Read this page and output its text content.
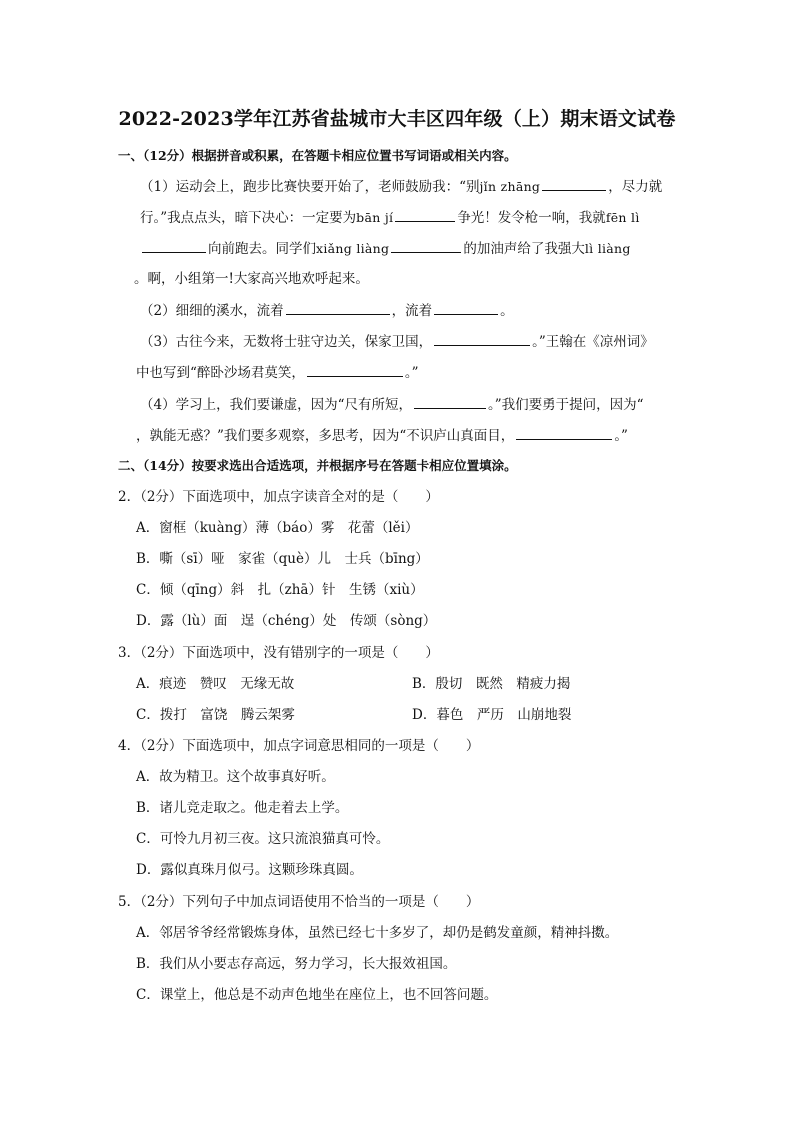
2022-2023学年江苏省盐城市大丰区四年级（上）期末语文试卷
一、（12分）根据拼音或积累，在答题卡相应位置书写词语或相关内容。
（1）运动会上，跑步比赛快要开始了，老师鼓励我：“别jǐn zhāng	，尽力就
行。”我点点头，暗下决心：一定要为bān jí	争光！发令枪一响，我就fēn lì
向前跑去。同学们xiǎng liàng	的加油声给了我强大lì liàng
。啊，小组第一!大家高兴地欢呼起来。
（2）细细的溪水，流着	，流着	。
（3）古往今来，无数将士驻守边关，保家卫国，	。”王翰在《凉州词》
中也写到“醉卧沙场君莫笑，	。”
（4）学习上，我们要谦虚，因为“尺有所短，	。”我们要勇于提问，因为“
，孰能无惑？”我们要多观察，多思考，因为“不识庐山真面目，	。”
二、（14分）按要求选出合适选项，并根据序号在答题卡相应位置填涂。
2．（2分）下面选项中，加点字读音全对的是（　　）
A．窗框（kuàng）薄（báo）雾　花蕾（lěi）
B．嘶（sī）哑　家雀（què）儿　士兵（bīng）
C．倾（qīng）斜　扎（zhā）针　生锈（xiù）
D．露（lù）面　逞（chéng）处　传颂（sòng）
3．（2分）下面选项中，没有错别字的一项是（　　）
A．痕迹　赞叹　无缘无故	B．殷切　既然　精疲力揭
C．拨打　富饶　腾云架雾	D．暮色　严历　山崩地裂
4．（2分）下面选项中，加点字词意思相同的一项是（　　）
A．故为精卫。这个故事真好听。
B．诸儿竞走取之。他走着去上学。
C．可怜九月初三夜。这只流浪猫真可怜。
D．露似真珠月似弓。这颗珍珠真圆。
5．（2分）下列句子中加点词语使用不恰当的一项是（　　）
A．邻居爷爷经常锻炼身体，虽然已经七十多岁了，却仍是鹤发童颜，精神抖擞。
B．我们从小要志存高远，努力学习，长大报效祖国。
C．课堂上，他总是不动声色地坐在座位上，也不回答问题。
